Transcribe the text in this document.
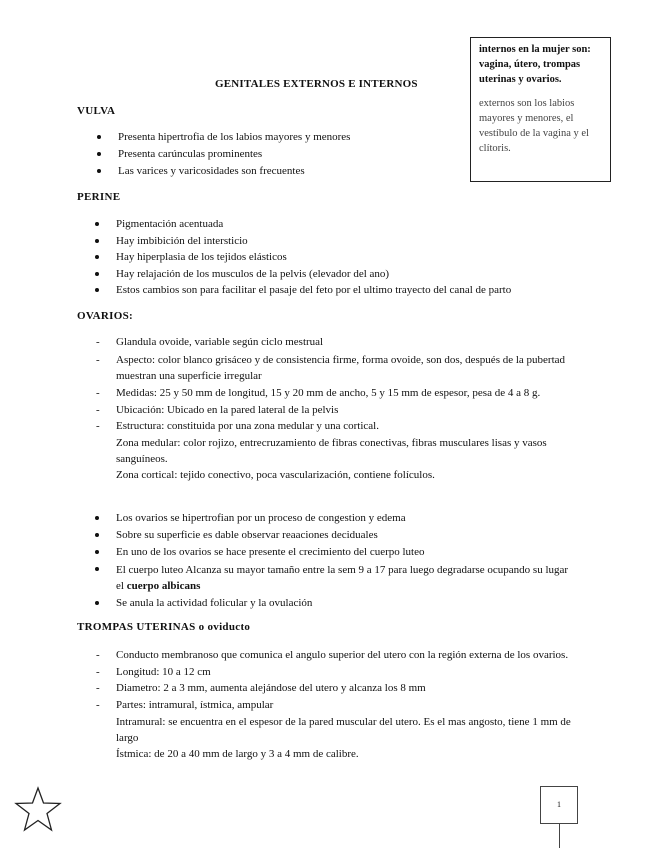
internos en la mujer son: vagina, útero, trompas uterinas y ovarios.

externos son los labios mayores y menores, el vestíbulo de la vagina y el clítoris.

GENITALES EXTERNOS E INTERNOS
VULVA
Presenta hipertrofia de los labios mayores y menores
Presenta carúnculas prominentes
Las varices y varicosidades son frecuentes
PERINE
Pigmentación acentuada
Hay imbibición del intersticio
Hay hiperplasia de los tejidos elásticos
Hay relajación de los musculos de la pelvis (elevador del ano)
Estos cambios son para facilitar el pasaje del feto por el ultimo trayecto del canal de parto
OVARIOS:
- Glandula ovoide, variable según ciclo mestrual
- Aspecto: color blanco grisáceo y de consistencia firme, forma ovoide, son dos, después de la pubertad muestran una superficie irregular
- Medidas: 25 y 50 mm de longitud, 15 y 20 mm de ancho, 5 y 15 mm de espesor, pesa de 4 a 8 g.
- Ubicación: Ubicado en la pared lateral de la pelvis
- Estructura: constituida por una zona medular y una cortical.
Zona medular: color rojizo, entrecruzamiento de fibras conectivas, fibras musculares lisas y vasos sanguíneos.
Zona cortical: tejido conectivo, poca vascularización, contiene folículos.
Los ovarios se hipertrofian por un proceso de congestion y edema
Sobre su superficie es dable observar reaaciones deciduales
En uno de los ovarios se hace presente el crecimiento del cuerpo luteo
El cuerpo luteo Alcanza su mayor tamaño entre la sem 9 a 17 para luego degradarse ocupando su lugar el cuerpo albicans
Se anula la actividad folicular y la ovulación
TROMPAS UTERINAS o oviducto
- Conducto membranoso que comunica el angulo superior del utero con la región externa de los ovarios.
- Longitud: 10 a 12 cm
- Diametro: 2 a 3 mm, aumenta alejándose del utero y alcanza los 8 mm
- Partes: intramural, ístmica, ampular
Intramural: se encuentra en el espesor de la pared muscular del utero. Es el mas angosto, tiene 1 mm de largo
Ístmica: de 20 a 40 mm de largo y 3 a 4 mm de calibre.
1
